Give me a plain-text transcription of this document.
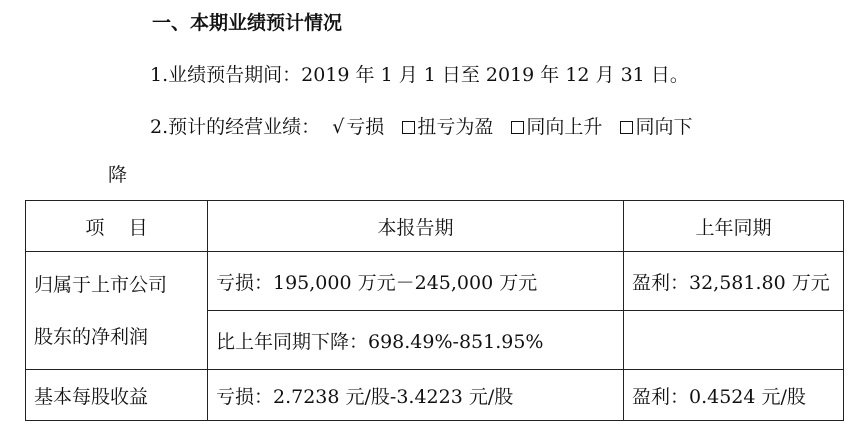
一、本期业绩预计情况
1.业绩预告期间：2019 年 1 月 1 日至 2019 年 12 月 31 日。
2.预计的经营业绩： √ 亏损 扭亏为盈 同向上升 同向下
降
项    目	本报告期	上年同期

归属于上市公司
股东的净利润	亏损：195,000 万元－245,000 万元	盈利：32,581.80 万元
	比上年同期下降：698.49%-851.95%	
基本每股收益	亏损：2.7238 元/股-3.4223 元/股	盈利：0.4524 元/股
